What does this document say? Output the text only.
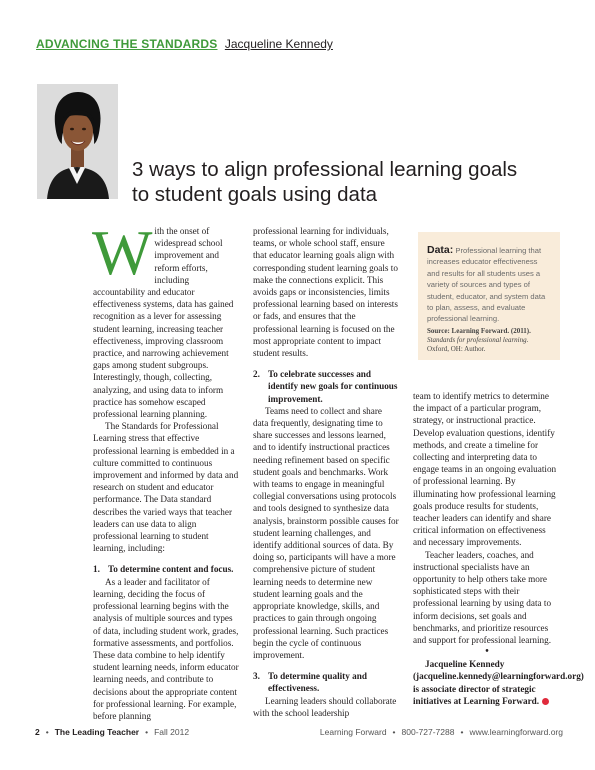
ADVANCING THE STANDARDS Jacqueline Kennedy
3 ways to align professional learning goals
to student goals using data
W ith the onset of widespread school improvement and reform efforts, including accountability and educator effectiveness systems, data has gained recognition as a lever for assessing student learning, increasing teacher effectiveness, improving classroom practice, and narrowing achievement gaps among student subgroups. Interestingly, though, collecting, analyzing, and using data to inform practice has somehow escaped professional learning planning.

The Standards for Professional Learning stress that effective professional learning is embedded in a culture committed to continuous improvement and informed by data and research on student and educator performance. The Data standard describes the varied ways that teacher leaders can use data to align professional learning to student learning, including:

1. To determine content and focus.

As a leader and facilitator of learning, deciding the focus of professional learning begins with the analysis of multiple sources and types of data, including student work, grades, formative assessments, and portfolios. These data combine to help identify student learning needs, inform educator learning needs, and contribute to decisions about the appropriate content for professional learning. For example, before planning

professional learning for individuals, teams, or whole school staff, ensure that educator learning goals align with corresponding student learning goals to make the connections explicit. This avoids gaps or inconsistencies, limits professional learning based on interests or fads, and ensures that the professional learning is focused on the most appropriate content to impact student results.

2. To celebrate successes and identify new goals for continuous improvement.

Teams need to collect and share data frequently, designating time to share successes and lessons learned, and to identify instructional practices needing refinement based on specific student goals and benchmarks. Work with teams to engage in meaningful collegial conversations using protocols and tools designed to synthesize data analysis, brainstorm possible causes for student learning challenges, and identify additional sources of data. By doing so, participants will have a more comprehensive picture of student learning needs to determine new student learning goals and the appropriate knowledge, skills, and practices to gain through ongoing professional learning. Such practices begin the cycle of continuous improvement.

3. To determine quality and effectiveness.

Learning leaders should collaborate with the school leadership

Data: Professional learning that increases educator effectiveness and results for all students uses a variety of sources and types of student, educator, and system data to plan, assess, and evaluate professional learning.
Source: Learning Forward. (2011). Standards for professional learning. Oxford, OH: Author.

team to identify metrics to determine the impact of a particular program, strategy, or instructional practice. Develop evaluation questions, identify methods, and create a timeline for collecting and interpreting data to engage teams in an ongoing evaluation of professional learning. By illuminating how professional learning goals produce results for students, teacher leaders can identify and share critical information on effectiveness and necessary improvements.

Teacher leaders, coaches, and instructional specialists have an opportunity to help others take more sophisticated steps with their professional learning by using data to inform decisions, set goals and benchmarks, and prioritize resources and support for professional learning.

•

Jacqueline Kennedy (jacqueline.kennedy@learningforward.org) is associate director of strategic initiatives at Learning Forward.

2 • The Leading Teacher • Fall 2012	Learning Forward • 800-727-7288 • www.learningforward.org
